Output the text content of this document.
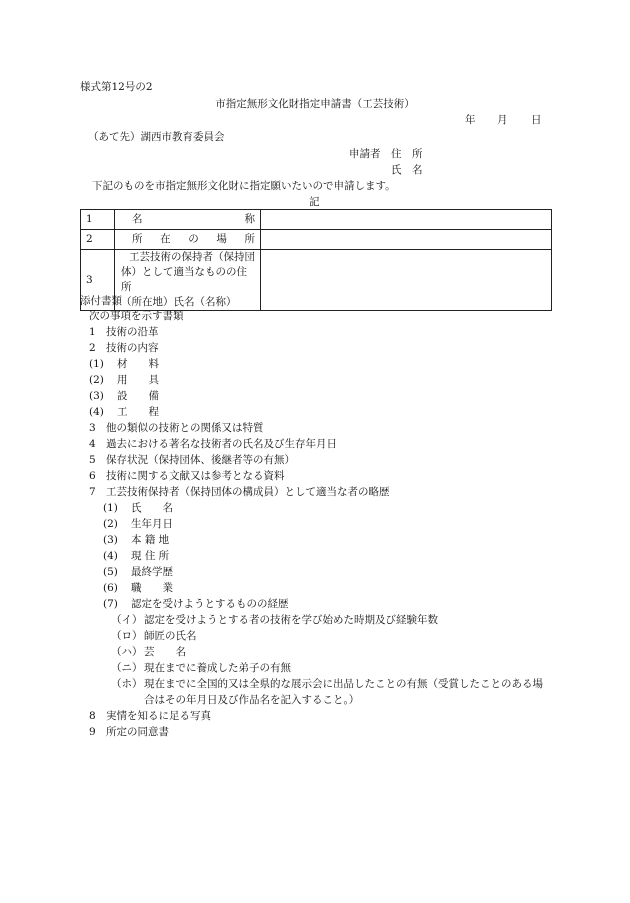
様式第12号の2
市指定無形文化財指定申請書（工芸技術）
年 月 日
（あて先）湖西市教育委員会
申請者 住　所
氏　名
下記のものを市指定無形文化財に指定願いたいので申請します。
記
1	名 称	

2	所 在 の 場 所	

3	工芸技術の保持者（保持団
体）として適当なものの住所
（所在地）氏名（名称）	

添付書類
次の事項を示す書類
1 技術の沿革
2 技術の内容
(1) 材　　料
(2) 用　　具
(3) 設　　備
(4) 工　　程
3 他の類似の技術との関係又は特質
4 過去における著名な技術者の氏名及び生存年月日
5 保存状況（保持団体、後継者等の有無）
6 技術に関する文献又は参考となる資料
7 工芸技術保持者（保持団体の構成員）として適当な者の略歴
(1) 氏　　名
(2) 生年月日
(3) 本 籍 地
(4) 現 住 所
(5) 最終学歴
(6) 職　　業
(7) 認定を受けようとするものの経歴
（イ） 認定を受けようとする者の技術を学び始めた時期及び経験年数
（ロ） 師匠の氏名
（ハ） 芸　　名
（ニ） 現在までに養成した弟子の有無
（ホ） 現在までに全国的又は全県的な展示会に出品したことの有無（受賞したことのある場
合はその年月日及び作品名を記入すること。）
8 実情を知るに足る写真
9 所定の同意書
